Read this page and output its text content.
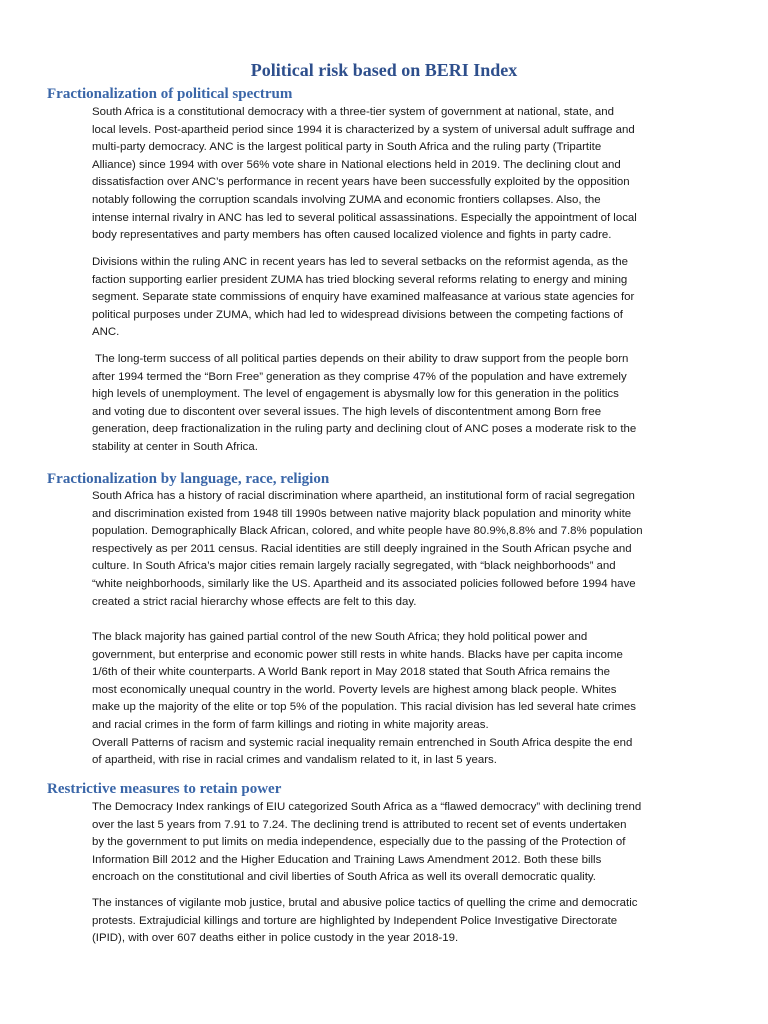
Political risk based on BERI Index
Fractionalization of political spectrum
South Africa is a constitutional democracy with a three-tier system of government at national, state, and
local levels. Post-apartheid period since 1994 it is characterized by a system of universal adult suffrage and
multi-party democracy. ANC is the largest political party in South Africa and the ruling party (Tripartite
Alliance) since 1994 with over 56% vote share in National elections held in 2019. The declining clout and
dissatisfaction over ANC’s performance in recent years have been successfully exploited by the opposition
notably following the corruption scandals involving ZUMA and economic frontiers collapses. Also, the
intense internal rivalry in ANC has led to several political assassinations. Especially the appointment of local
body representatives and party members has often caused localized violence and fights in party cadre.
Divisions within the ruling ANC in recent years has led to several setbacks on the reformist agenda, as the
faction supporting earlier president ZUMA has tried blocking several reforms relating to energy and mining
segment. Separate state commissions of enquiry have examined malfeasance at various state agencies for
political purposes under ZUMA, which had led to widespread divisions between the competing factions of
ANC.
The long-term success of all political parties depends on their ability to draw support from the people born
after 1994 termed the “Born Free” generation as they comprise 47% of the population and have extremely
high levels of unemployment. The level of engagement is abysmally low for this generation in the politics
and voting due to discontent over several issues. The high levels of discontentment among Born free
generation, deep fractionalization in the ruling party and declining clout of ANC poses a moderate risk to the
stability at center in South Africa.
Fractionalization by language, race, religion
South Africa has a history of racial discrimination where apartheid, an institutional form of racial segregation
and discrimination existed from 1948 till 1990s between native majority black population and minority white
population. Demographically Black African, colored, and white people have 80.9%,8.8% and 7.8% population
respectively as per 2011 census. Racial identities are still deeply ingrained in the South African psyche and
culture. In South Africa’s major cities remain largely racially segregated, with “black neighborhoods” and
“white neighborhoods, similarly like the US. Apartheid and its associated policies followed before 1994 have
created a strict racial hierarchy whose effects are felt to this day.
The black majority has gained partial control of the new South Africa; they hold political power and
government, but enterprise and economic power still rests in white hands. Blacks have per capita income
1/6th of their white counterparts. A World Bank report in May 2018 stated that South Africa remains the
most economically unequal country in the world. Poverty levels are highest among black people. Whites
make up the majority of the elite or top 5% of the population. This racial division has led several hate crimes
and racial crimes in the form of farm killings and rioting in white majority areas.
Overall Patterns of racism and systemic racial inequality remain entrenched in South Africa despite the end
of apartheid, with rise in racial crimes and vandalism related to it, in last 5 years.
Restrictive measures to retain power
The Democracy Index rankings of EIU categorized South Africa as a “flawed democracy” with declining trend
over the last 5 years from 7.91 to 7.24. The declining trend is attributed to recent set of events undertaken
by the government to put limits on media independence, especially due to the passing of the Protection of
Information Bill 2012 and the Higher Education and Training Laws Amendment 2012. Both these bills
encroach on the constitutional and civil liberties of South Africa as well its overall democratic quality.
The instances of vigilante mob justice, brutal and abusive police tactics of quelling the crime and democratic
protests. Extrajudicial killings and torture are highlighted by Independent Police Investigative Directorate
(IPID), with over 607 deaths either in police custody in the year 2018-19.
